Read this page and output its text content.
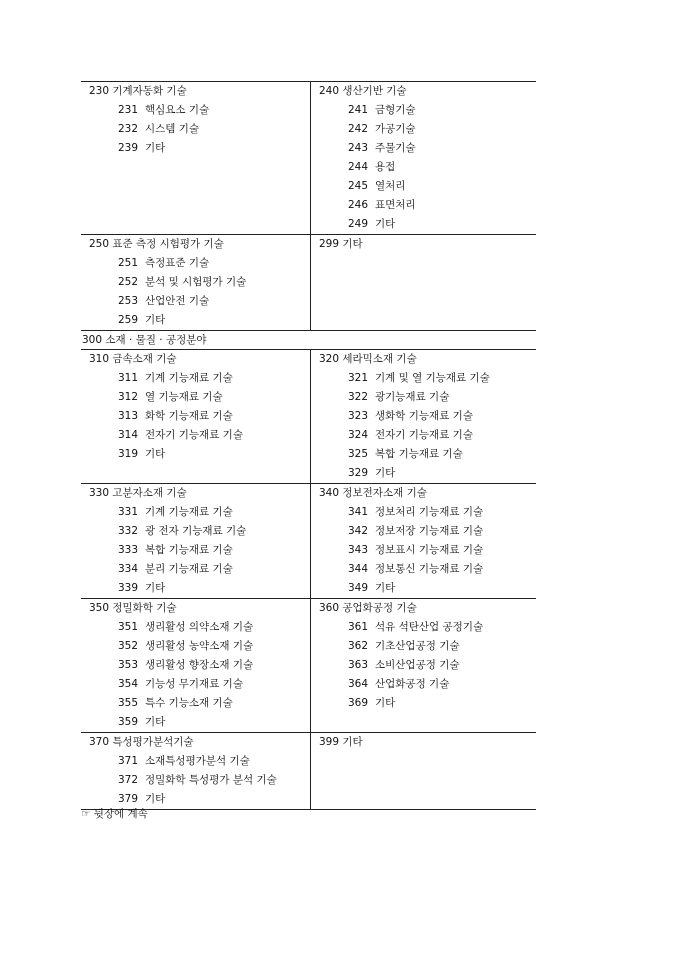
230 기계자동화 기술
231 핵심요소 기술
232 시스템 기술
239 기타
240 생산기반 기술
241 금형기술
242 가공기술
243 주물기술
244 용접
245 열처리
246 표면처리
249 기타
250 표준 측정 시험평가 기술
251 측정표준 기술
252 분석 및 시험평가 기술
253 산업안전 기술
259 기타
299 기타
300 소재 · 물질 · 공정분야
310 금속소재 기술
311 기계 기능재료 기술
312 열 기능재료 기술
313 화학 기능재료 기술
314 전자기 기능재료 기술
319 기타
320 세라믹소재 기술
321 기계 및 열 기능재료 기술
322 광기능재료 기술
323 생화학 기능재료 기술
324 전자기 기능재료 기술
325 복합 기능재료 기술
329 기타
330 고분자소재 기술
331 기계 기능재료 기술
332 광 전자 기능재료 기술
333 복합 기능재료 기술
334 분리 기능재료 기술
339 기타
340 정보전자소재 기술
341 정보처리 기능재료 기술
342 정보저장 기능재료 기술
343 정보표시 기능재료 기술
344 정보통신 기능재료 기술
349 기타
350 정밀화학 기술
351 생리활성 의약소재 기술
352 생리활성 농약소재 기술
353 생리활성 향장소재 기술
354 기능성 무기재료 기술
355 특수 기능소재 기술
359 기타
360 공업화공정 기술
361 석유 석탄산업 공정기술
362 기초산업공정 기술
363 소비산업공정 기술
364 산업화공정 기술
369 기타
370 특성평가분석기술
371 소재특성평가분석 기술
372 정밀화학 특성평가 분석 기술
379 기타
399 기타
☞ 뒷장에 계속
